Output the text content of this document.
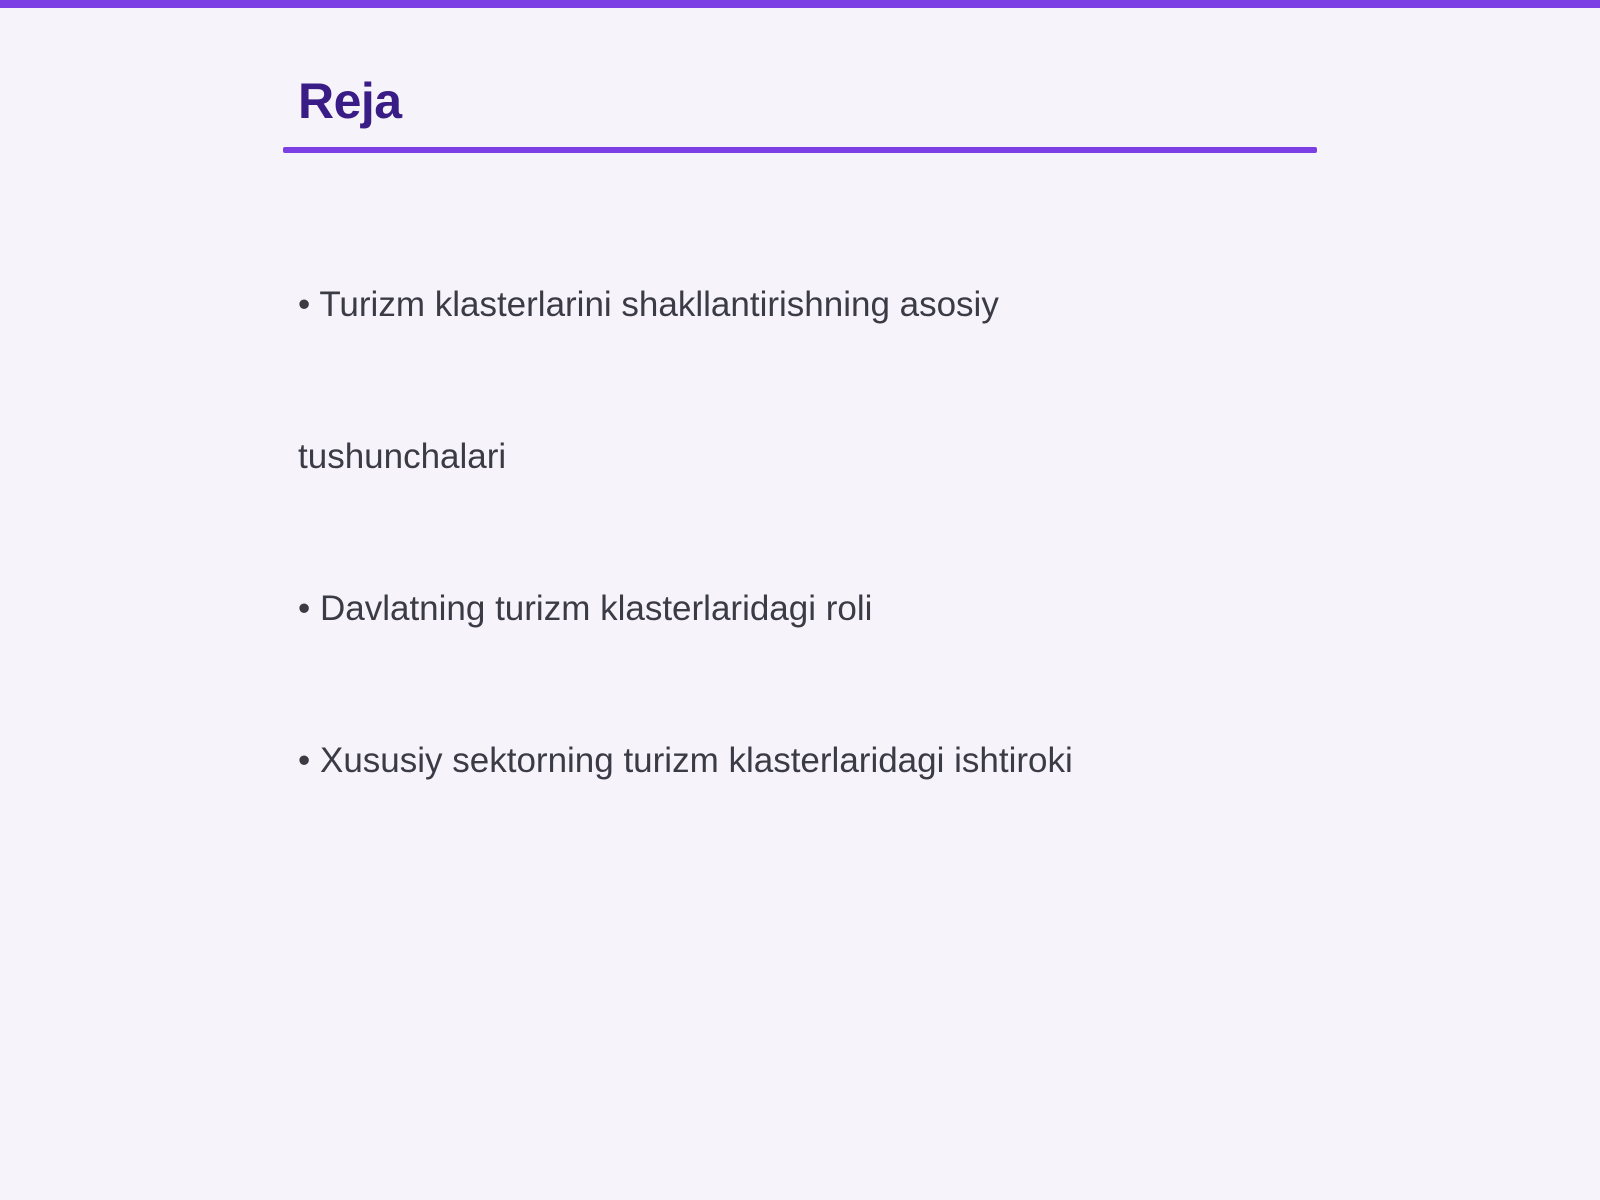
Reja

• Turizm klasterlarini shakllantirishning asosiy

tushunchalari

• Davlatning turizm klasterlaridagi roli

• Xususiy sektorning turizm klasterlaridagi ishtiroki
